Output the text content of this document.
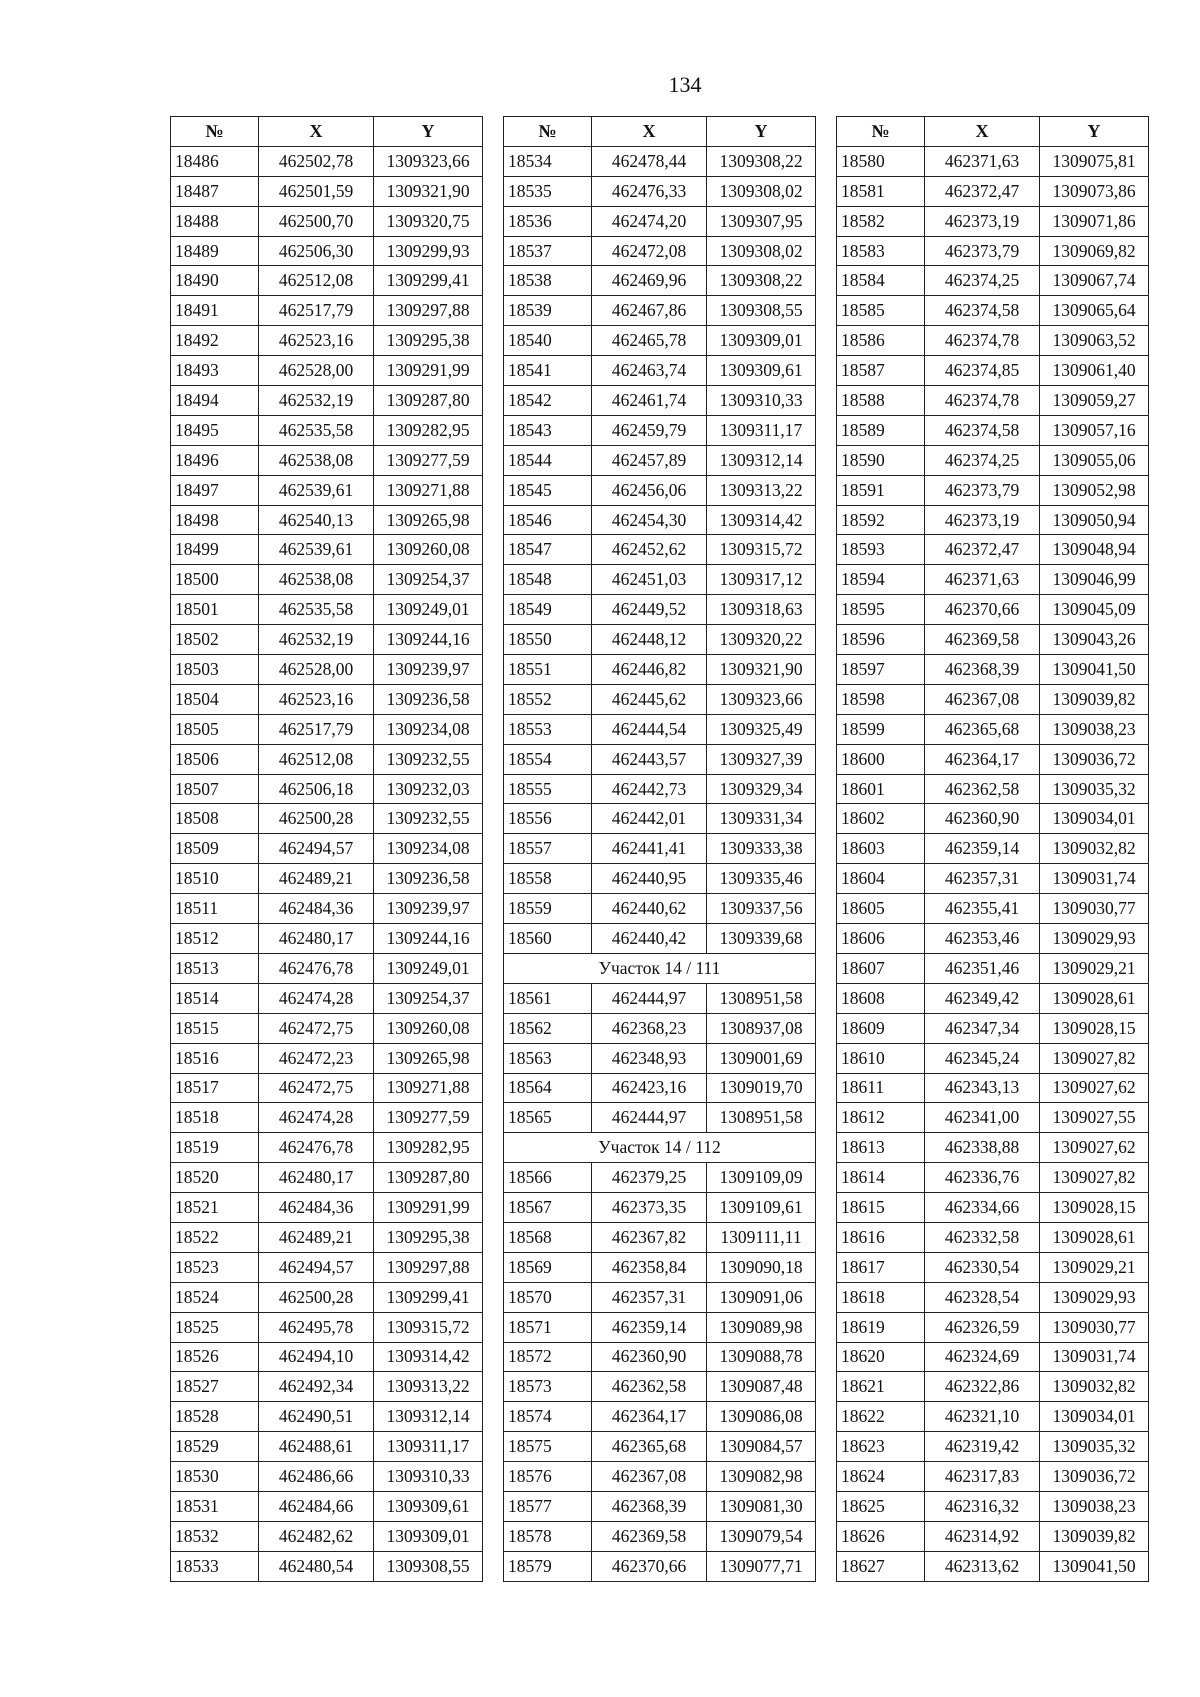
134
№	X	Y
18486	462502,78	1309323,66
18487	462501,59	1309321,90
18488	462500,70	1309320,75
18489	462506,30	1309299,93
18490	462512,08	1309299,41
18491	462517,79	1309297,88
18492	462523,16	1309295,38
18493	462528,00	1309291,99
18494	462532,19	1309287,80
18495	462535,58	1309282,95
18496	462538,08	1309277,59
18497	462539,61	1309271,88
18498	462540,13	1309265,98
18499	462539,61	1309260,08
18500	462538,08	1309254,37
18501	462535,58	1309249,01
18502	462532,19	1309244,16
18503	462528,00	1309239,97
18504	462523,16	1309236,58
18505	462517,79	1309234,08
18506	462512,08	1309232,55
18507	462506,18	1309232,03
18508	462500,28	1309232,55
18509	462494,57	1309234,08
18510	462489,21	1309236,58
18511	462484,36	1309239,97
18512	462480,17	1309244,16
18513	462476,78	1309249,01
18514	462474,28	1309254,37
18515	462472,75	1309260,08
18516	462472,23	1309265,98
18517	462472,75	1309271,88
18518	462474,28	1309277,59
18519	462476,78	1309282,95
18520	462480,17	1309287,80
18521	462484,36	1309291,99
18522	462489,21	1309295,38
18523	462494,57	1309297,88
18524	462500,28	1309299,41
18525	462495,78	1309315,72
18526	462494,10	1309314,42
18527	462492,34	1309313,22
18528	462490,51	1309312,14
18529	462488,61	1309311,17
18530	462486,66	1309310,33
18531	462484,66	1309309,61
18532	462482,62	1309309,01
18533	462480,54	1309308,55
№	X	Y
18534	462478,44	1309308,22
18535	462476,33	1309308,02
18536	462474,20	1309307,95
18537	462472,08	1309308,02
18538	462469,96	1309308,22
18539	462467,86	1309308,55
18540	462465,78	1309309,01
18541	462463,74	1309309,61
18542	462461,74	1309310,33
18543	462459,79	1309311,17
18544	462457,89	1309312,14
18545	462456,06	1309313,22
18546	462454,30	1309314,42
18547	462452,62	1309315,72
18548	462451,03	1309317,12
18549	462449,52	1309318,63
18550	462448,12	1309320,22
18551	462446,82	1309321,90
18552	462445,62	1309323,66
18553	462444,54	1309325,49
18554	462443,57	1309327,39
18555	462442,73	1309329,34
18556	462442,01	1309331,34
18557	462441,41	1309333,38
18558	462440,95	1309335,46
18559	462440,62	1309337,56
18560	462440,42	1309339,68
Участок 14 / 111		
18561	462444,97	1308951,58
18562	462368,23	1308937,08
18563	462348,93	1309001,69
18564	462423,16	1309019,70
18565	462444,97	1308951,58
Участок 14 / 112		
18566	462379,25	1309109,09
18567	462373,35	1309109,61
18568	462367,82	1309111,11
18569	462358,84	1309090,18
18570	462357,31	1309091,06
18571	462359,14	1309089,98
18572	462360,90	1309088,78
18573	462362,58	1309087,48
18574	462364,17	1309086,08
18575	462365,68	1309084,57
18576	462367,08	1309082,98
18577	462368,39	1309081,30
18578	462369,58	1309079,54
18579	462370,66	1309077,71
№	X	Y
18580	462371,63	1309075,81
18581	462372,47	1309073,86
18582	462373,19	1309071,86
18583	462373,79	1309069,82
18584	462374,25	1309067,74
18585	462374,58	1309065,64
18586	462374,78	1309063,52
18587	462374,85	1309061,40
18588	462374,78	1309059,27
18589	462374,58	1309057,16
18590	462374,25	1309055,06
18591	462373,79	1309052,98
18592	462373,19	1309050,94
18593	462372,47	1309048,94
18594	462371,63	1309046,99
18595	462370,66	1309045,09
18596	462369,58	1309043,26
18597	462368,39	1309041,50
18598	462367,08	1309039,82
18599	462365,68	1309038,23
18600	462364,17	1309036,72
18601	462362,58	1309035,32
18602	462360,90	1309034,01
18603	462359,14	1309032,82
18604	462357,31	1309031,74
18605	462355,41	1309030,77
18606	462353,46	1309029,93
18607	462351,46	1309029,21
18608	462349,42	1309028,61
18609	462347,34	1309028,15
18610	462345,24	1309027,82
18611	462343,13	1309027,62
18612	462341,00	1309027,55
18613	462338,88	1309027,62
18614	462336,76	1309027,82
18615	462334,66	1309028,15
18616	462332,58	1309028,61
18617	462330,54	1309029,21
18618	462328,54	1309029,93
18619	462326,59	1309030,77
18620	462324,69	1309031,74
18621	462322,86	1309032,82
18622	462321,10	1309034,01
18623	462319,42	1309035,32
18624	462317,83	1309036,72
18625	462316,32	1309038,23
18626	462314,92	1309039,82
18627	462313,62	1309041,50
